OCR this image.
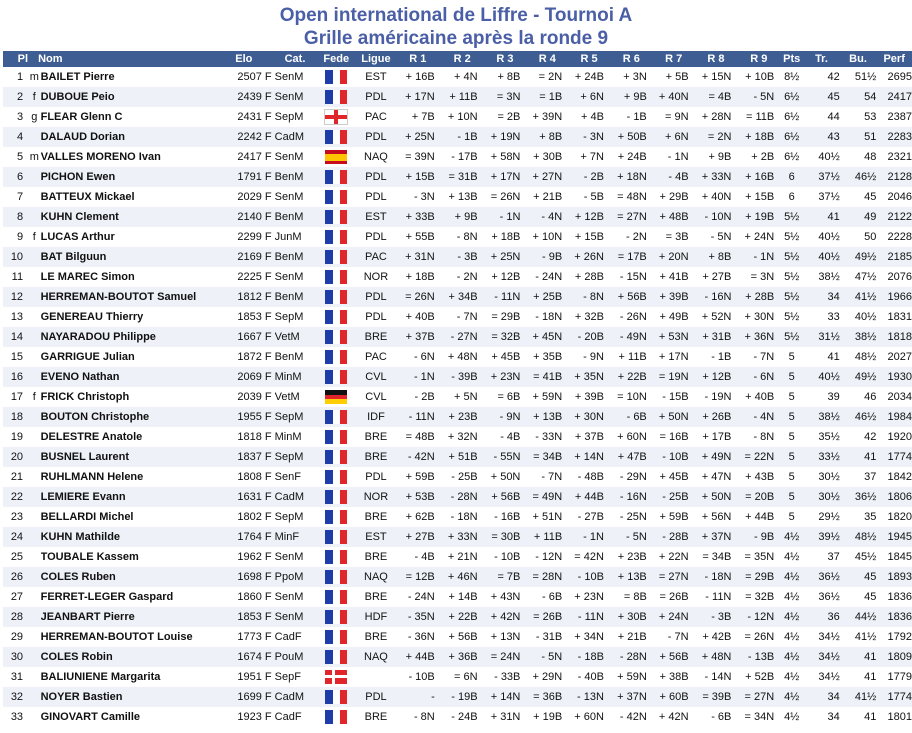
Open international de Liffre - Tournoi A
Grille américaine après la ronde 9
Pl	Nom		Elo	Cat.	Fede	Ligue	R 1	R 2	R 3	R 4	R 5	R 6	R 7	R 8	R 9	Pts	Tr.	Bu.	Perf
1	m	BAILET Pierre	2507 F	SenM		EST	+ 16B	+ 4N	+ 8B	= 2N	+ 24B	+ 3N	+ 5B	+ 15N	+ 10B	8½	42	51½	2695
2	f	DUBOUE Peio	2439 F	SenM		PDL	+ 17N	+ 11B	= 3N	= 1B	+ 6N	+ 9B	+ 40N	= 4B	- 5N	6½	45	54	2417
3	g	FLEAR Glenn C	2431 F	SepM		PAC	+ 7B	+ 10N	= 2B	+ 39N	+ 4B	- 1B	= 9N	+ 28N	= 11B	6½	44	53	2387
4		DALAUD Dorian	2242 F	CadM		PDL	+ 25N	- 1B	+ 19N	+ 8B	- 3N	+ 50B	+ 6N	= 2N	+ 18B	6½	43	51	2283
5	m	VALLES MORENO Ivan	2417 F	SenM		NAQ	= 39N	- 17B	+ 58N	+ 30B	+ 7N	+ 24B	- 1N	+ 9B	+ 2B	6½	40½	48	2321
6		PICHON Ewen	1791 F	BenM		PDL	+ 15B	= 31B	+ 17N	+ 27N	- 2B	+ 18N	- 4B	+ 33N	+ 16B	6	37½	46½	2128
7		BATTEUX Mickael	2029 F	SenM		PDL	- 3N	+ 13B	= 26N	+ 21B	- 5B	= 48N	+ 29B	+ 40N	+ 15B	6	37½	45	2046
8		KUHN Clement	2140 F	BenM		EST	+ 33B	+ 9B	- 1N	- 4N	+ 12B	= 27N	+ 48B	- 10N	+ 19B	5½	41	49	2122
9	f	LUCAS Arthur	2299 F	JunM		PDL	+ 55B	- 8N	+ 18B	+ 10N	+ 15B	- 2N	= 3B	- 5N	+ 24N	5½	40½	50	2228
10		BAT Bilguun	2169 F	BenM		PAC	+ 31N	- 3B	+ 25N	- 9B	+ 26N	= 17B	+ 20N	+ 8B	- 1N	5½	40½	49½	2185
11		LE MAREC Simon	2225 F	SenM		NOR	+ 18B	- 2N	+ 12B	- 24N	+ 28B	- 15N	+ 41B	+ 27B	= 3N	5½	38½	47½	2076
12		HERREMAN-BOUTOT Samuel	1812 F	BenM		PDL	= 26N	+ 34B	- 11N	+ 25B	- 8N	+ 56B	+ 39B	- 16N	+ 28B	5½	34	41½	1966
13		GENEREAU Thierry	1853 F	SepM		PDL	+ 40B	- 7N	= 29B	- 18N	+ 32B	- 26N	+ 49B	+ 52N	+ 30N	5½	33	40½	1831
14		NAYARADOU Philippe	1667 F	VetM		BRE	+ 37B	- 27N	= 32B	+ 45N	- 20B	- 49N	+ 53N	+ 31B	+ 36N	5½	31½	38½	1818
15		GARRIGUE Julian	1872 F	BenM		PAC	- 6N	+ 48N	+ 45B	+ 35B	- 9N	+ 11B	+ 17N	- 1B	- 7N	5	41	48½	2027
16		EVENO Nathan	2069 F	MinM		CVL	- 1N	- 39B	+ 23N	= 41B	+ 35N	+ 22B	= 19N	+ 12B	- 6N	5	40½	49½	1930
17	f	FRICK Christoph	2039 F	VetM		CVL	- 2B	+ 5N	= 6B	+ 59N	+ 39B	= 10N	- 15B	- 19N	+ 40B	5	39	46	2034
18		BOUTON Christophe	1955 F	SepM		IDF	- 11N	+ 23B	- 9N	+ 13B	+ 30N	- 6B	+ 50N	+ 26B	- 4N	5	38½	46½	1984
19		DELESTRE Anatole	1818 F	MinM		BRE	= 48B	+ 32N	- 4B	- 33N	+ 37B	+ 60N	= 16B	+ 17B	- 8N	5	35½	42	1920
20		BUSNEL Laurent	1837 F	SepM		BRE	- 42N	+ 51B	- 55N	= 34B	+ 14N	+ 47B	- 10B	+ 49N	= 22N	5	33½	41	1774
21		RUHLMANN Helene	1808 F	SenF		PDL	+ 59B	- 25B	+ 50N	- 7N	- 48B	- 29N	+ 45B	+ 47N	+ 43B	5	30½	37	1842
22		LEMIERE Evann	1631 F	CadM		NOR	+ 53B	- 28N	+ 56B	= 49N	+ 44B	- 16N	- 25B	+ 50N	= 20B	5	30½	36½	1806
23		BELLARDI Michel	1802 F	SepM		BRE	+ 62B	- 18N	- 16B	+ 51N	- 27B	- 25N	+ 59B	+ 56N	+ 44B	5	29½	35	1820
24		KUHN Mathilde	1764 F	MinF		EST	+ 27B	+ 33N	= 30B	+ 11B	- 1N	- 5N	- 28B	+ 37N	- 9B	4½	39½	48½	1945
25		TOUBALE Kassem	1962 F	SenM		BRE	- 4B	+ 21N	- 10B	- 12N	= 42N	+ 23B	+ 22N	= 34B	= 35N	4½	37	45½	1845
26		COLES Ruben	1698 F	PpoM		NAQ	= 12B	+ 46N	= 7B	= 28N	- 10B	+ 13B	= 27N	- 18N	= 29B	4½	36½	45	1893
27		FERRET-LEGER Gaspard	1860 F	SenM		BRE	- 24N	+ 14B	+ 43N	- 6B	+ 23N	= 8B	= 26B	- 11N	= 32B	4½	36½	45	1836
28		JEANBART Pierre	1853 F	SenM		HDF	- 35N	+ 22B	+ 42N	= 26B	- 11N	+ 30B	+ 24N	- 3B	- 12N	4½	36	44½	1836
29		HERREMAN-BOUTOT Louise	1773 F	CadF		BRE	- 36N	+ 56B	+ 13N	- 31B	+ 34N	+ 21B	- 7N	+ 42B	= 26N	4½	34½	41½	1792
30		COLES Robin	1674 F	PouM		NAQ	+ 44B	+ 36B	= 24N	- 5N	- 18B	- 28N	+ 56B	+ 48N	- 13B	4½	34½	41	1809
31		BALIUNIENE Margarita	1951 F	SepF			- 10B	= 6N	- 33B	+ 29N	- 40B	+ 59N	+ 38B	- 14N	+ 52B	4½	34½	41	1779
32		NOYER Bastien	1699 F	CadM		PDL	-	- 19B	+ 14N	= 36B	- 13N	+ 37N	+ 60B	= 39B	= 27N	4½	34	41½	1774
33		GINOVART Camille	1923 F	CadF		BRE	- 8N	- 24B	+ 31N	+ 19B	+ 60N	- 42N	+ 42N	- 6B	= 34N	4½	34	41	1801
